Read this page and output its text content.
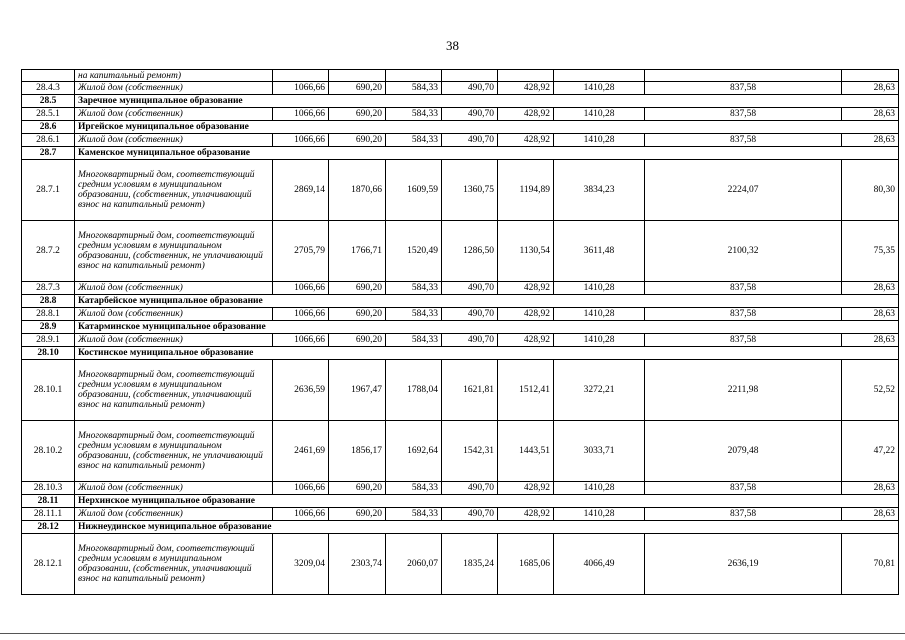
38
	на капитальный ремонт)								
28.4.3	Жилой дом (собственник)	1066,66	690,20	584,33	490,70	428,92	1410,28	837,58	28,63
28.5	Заречное муниципальное образование								
28.5.1	Жилой дом (собственник)	1066,66	690,20	584,33	490,70	428,92	1410,28	837,58	28,63
28.6	Иргейское муниципальное образование								
28.6.1	Жилой дом (собственник)	1066,66	690,20	584,33	490,70	428,92	1410,28	837,58	28,63
28.7	Каменское муниципальное образование								
28.7.1	Многоквартирный дом, соответствующий средним условиям в муниципальном образовании, (собственник, уплачивающий взнос на капитальный ремонт)	2869,14	1870,66	1609,59	1360,75	1194,89	3834,23	2224,07	80,30
28.7.2	Многоквартирный дом, соответствующий средним условиям в муниципальном образовании, (собственник, не уплачивающий взнос на капитальный ремонт)	2705,79	1766,71	1520,49	1286,50	1130,54	3611,48	2100,32	75,35
28.7.3	Жилой дом (собственник)	1066,66	690,20	584,33	490,70	428,92	1410,28	837,58	28,63
28.8	Катарбейское муниципальное образование								
28.8.1	Жилой дом (собственник)	1066,66	690,20	584,33	490,70	428,92	1410,28	837,58	28,63
28.9	Катарминское муниципальное образование								
28.9.1	Жилой дом (собственник)	1066,66	690,20	584,33	490,70	428,92	1410,28	837,58	28,63
28.10	Костинское муниципальное образование								
28.10.1	Многоквартирный дом, соответствующий средним условиям в муниципальном образовании, (собственник, уплачивающий взнос на капитальный ремонт)	2636,59	1967,47	1788,04	1621,81	1512,41	3272,21	2211,98	52,52
28.10.2	Многоквартирный дом, соответствующий средним условиям в муниципальном образовании, (собственник, не уплачивающий взнос на капитальный ремонт)	2461,69	1856,17	1692,64	1542,31	1443,51	3033,71	2079,48	47,22
28.10.3	Жилой дом (собственник)	1066,66	690,20	584,33	490,70	428,92	1410,28	837,58	28,63
28.11	Нерхинское муниципальное образование								
28.11.1	Жилой дом (собственник)	1066,66	690,20	584,33	490,70	428,92	1410,28	837,58	28,63
28.12	Нижнеудинское муниципальное образование								
28.12.1	Многоквартирный дом, соответствующий средним условиям в муниципальном образовании, (собственник, уплачивающий взнос на капитальный ремонт)	3209,04	2303,74	2060,07	1835,24	1685,06	4066,49	2636,19	70,81
